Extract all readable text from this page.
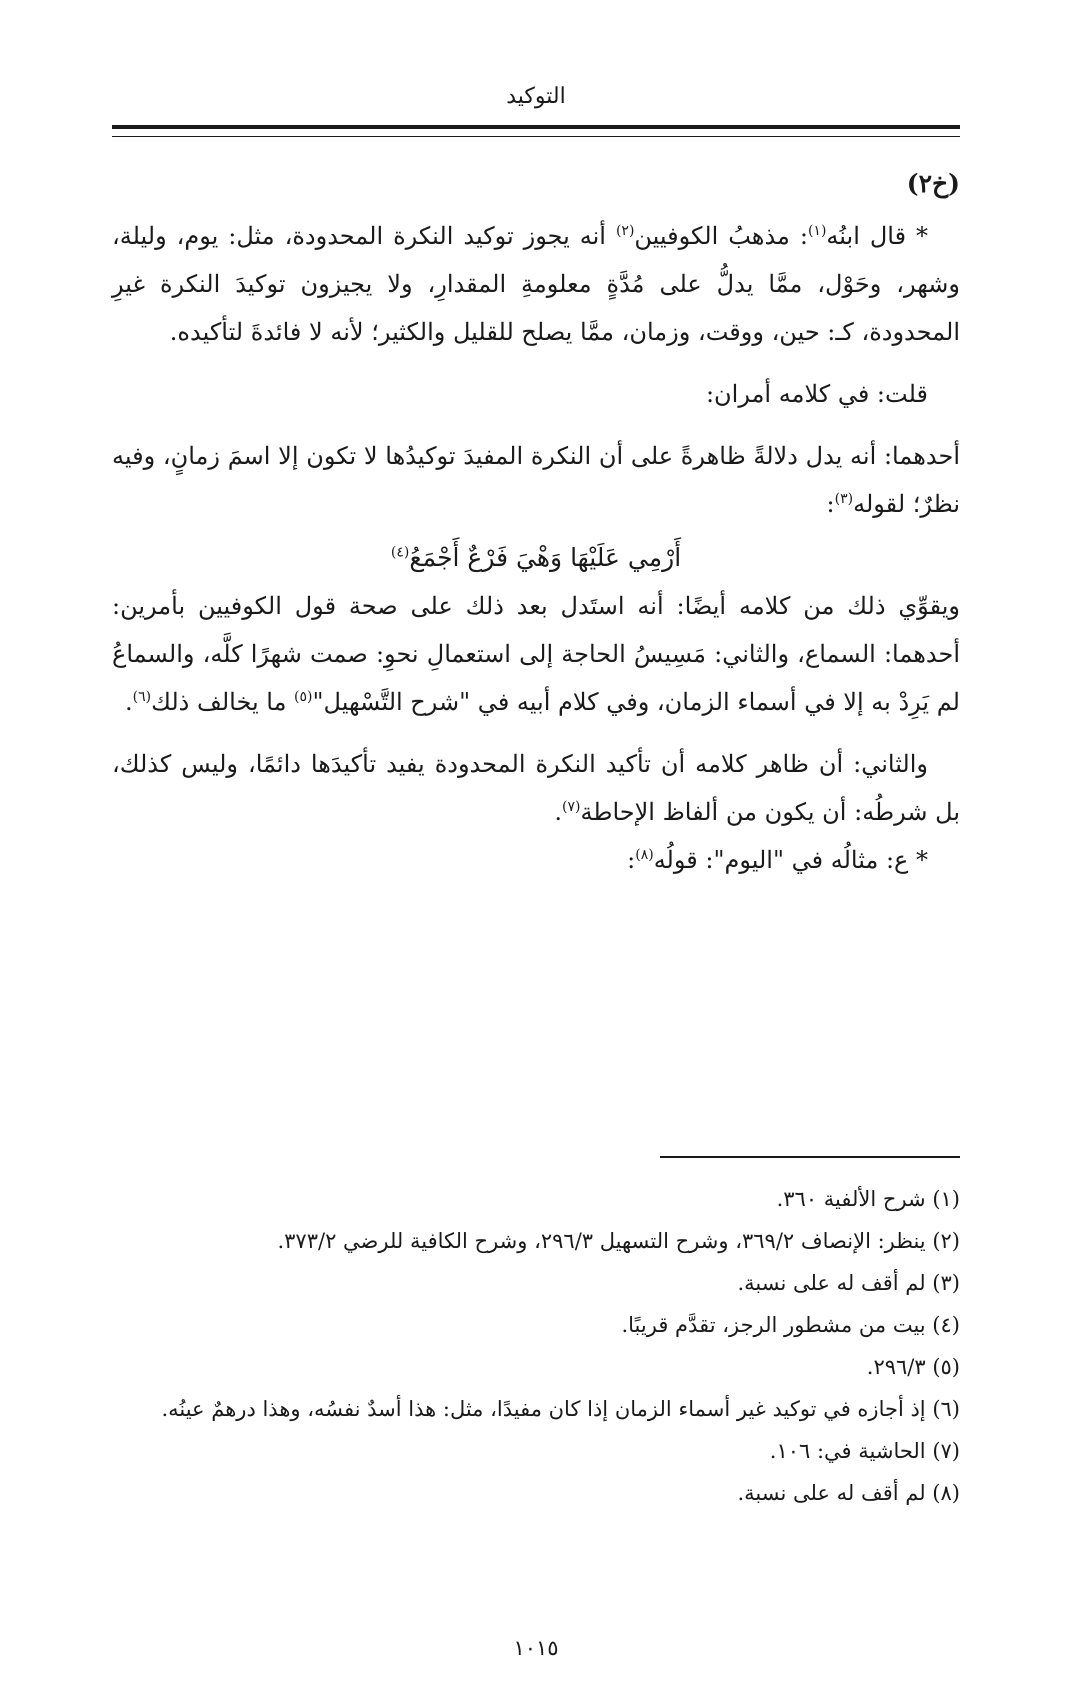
التوكيد

(خ٢)

* قال ابنُه$^{(١)}$: مذهبُ الكوفيين$^{(٢)}$ أنه يجوز توكيد النكرة المحدودة، مثل: يوم، وليلة، وشهر، وحَوْل، ممَّا يدلُّ على مُدَّةٍ معلومةِ المقدارِ، ولا يجيزون توكيدَ النكرة غيرِ المحدودة، كـ: حين، ووقت، وزمان، ممَّا يصلح للقليل والكثير؛ لأنه لا فائدةَ لتأكيده.

قلت: في كلامه أمران:

أحدهما: أنه يدل دلالةً ظاهرةً على أن النكرة المفيدَ توكيدُها لا تكون إلا اسمَ زمانٍ، وفيه نظرٌ؛ لقوله$^{(٣)}$:

أَرْمِي عَلَيْهَا وَهْيَ فَرْعٌ أَجْمَعُ$^{(٤)}$

ويقوِّي ذلك من كلامه أيضًا: أنه استَدل بعد ذلك على صحة قول الكوفيين بأمرين: أحدهما: السماع، والثاني: مَسِيسُ الحاجة إلى استعمالِ نحوِ: صمت شهرًا كلَّه، والسماعُ لم يَرِدْ به إلا في أسماء الزمان، وفي كلام أبيه في "شرح التَّسْهيل"$^{(٥)}$ ما يخالف ذلك$^{(٦)}$.

والثاني: أن ظاهر كلامه أن تأكيد النكرة المحدودة يفيد تأكيدَها دائمًا، وليس كذلك، بل شرطُه: أن يكون من ألفاظ الإحاطة$^{(٧)}$.

* ع: مثالُه في "اليوم": قولُه$^{(٨)}$:

(١) شرح الألفية ٣٦٠.
(٢) ينظر: الإنصاف ٣٦٩/٢، وشرح التسهيل ٢٩٦/٣، وشرح الكافية للرضي ٣٧٣/٢.
(٣) لم أقف له على نسبة.
(٤) بيت من مشطور الرجز، تقدَّم قريبًا.
(٥) ٢٩٦/٣.
(٦) إذ أجازه في توكيد غير أسماء الزمان إذا كان مفيدًا، مثل: هذا أسدٌ نفسُه، وهذا درهمٌ عينُه.
(٧) الحاشية في: ١٠٦.
(٨) لم أقف له على نسبة.
١٠١٥
